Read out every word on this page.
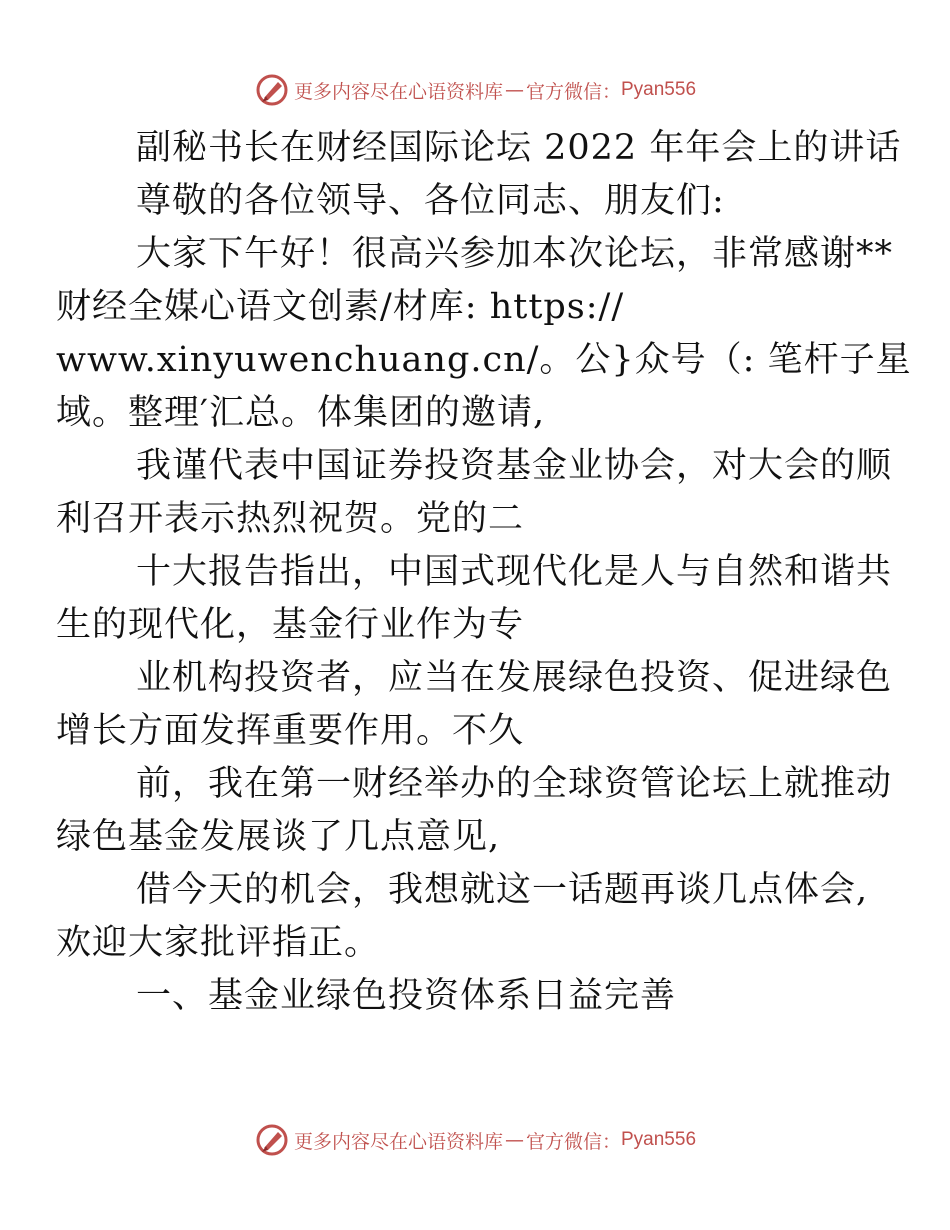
更多内容尽在心语资料库 — 官方微信： Pyan556

副秘书长在财经国际论坛 2022 年年会上的讲话

尊敬的各位领导、各位同志、朋友们:

大家下午好！很高兴参加本次论坛，非常感谢**
财经全媒心语文创素/材库: https://
www.xinyuwenchuang.cn/。公}众号（: 笔杆子星
域。整理′汇总。体集团的邀请,

我谨代表中国证券投资基金业协会，对大会的顺
利召开表示热烈祝贺。党的二

十大报告指出，中国式现代化是人与自然和谐共
生的现代化，基金行业作为专

业机构投资者，应当在发展绿色投资、促进绿色
增长方面发挥重要作用。不久

前，我在第一财经举办的全球资管论坛上就推动
绿色基金发展谈了几点意见,

借今天的机会，我想就这一话题再谈几点体会,
欢迎大家批评指正。

一、基金业绿色投资体系日益完善

更多内容尽在心语资料库 — 官方微信： Pyan556
